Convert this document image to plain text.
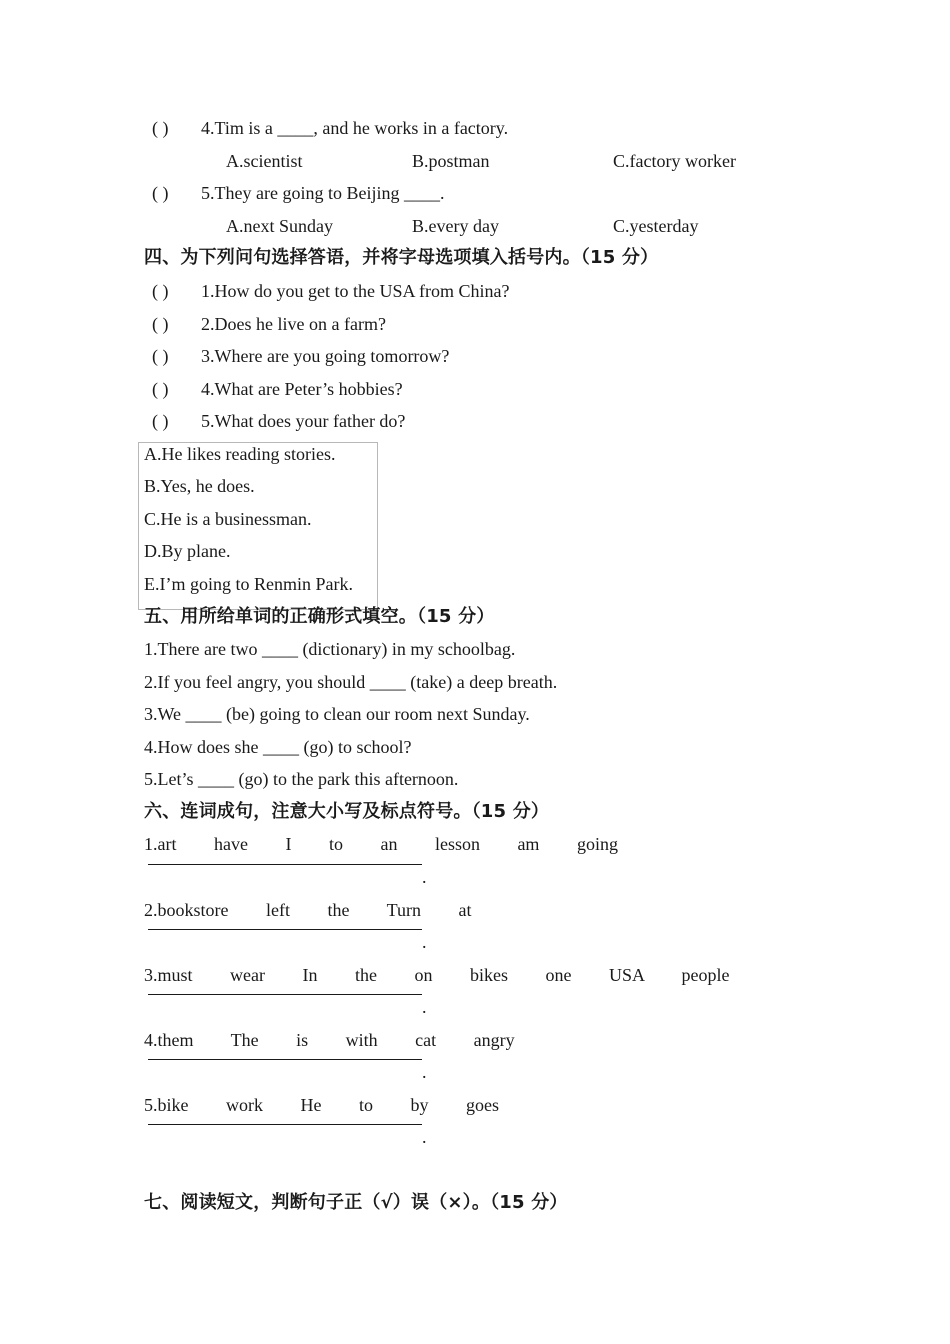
( ) 4.Tim is a ____, and he works in a factory.
A.scientist	B.postman	C.factory worker
( ) 5.They are going to Beijing ____.
A.next Sunday	B.every day	C.yesterday
四、为下列问句选择答语，并将字母选项填入括号内。（15 分）
( ) 1.How do you get to the USA from China?
( ) 2.Does he live on a farm?
( ) 3.Where are you going tomorrow?
( ) 4.What are Peter’s hobbies?
( ) 5.What does your father do?
A.He likes reading stories.
B.Yes, he does.
C.He is a businessman.
D.By plane.
E.I’m going to Renmin Park.
五、用所给单词的正确形式填空。（15 分）
1.There are two ____ (dictionary) in my schoolbag.
2.If you feel angry, you should ____ (take) a deep breath.
3.We ____ (be) going to clean our room next Sunday.
4.How does she ____ (go) to school?
5.Let’s ____ (go) to the park this afternoon.
六、连词成句，注意大小写及标点符号。（15 分）
1.art   have   I   to   an   lesson   am   going
.
2.bookstore   left   the   Turn   at
.
3.must   wear   In   the   on   bikes   one   USA   people
.
4.them   The   is   with   cat   angry
.
5.bike   work   He   to   by   goes
.
七、阅读短文，判断句子正（√）误（×）。（15 分）
